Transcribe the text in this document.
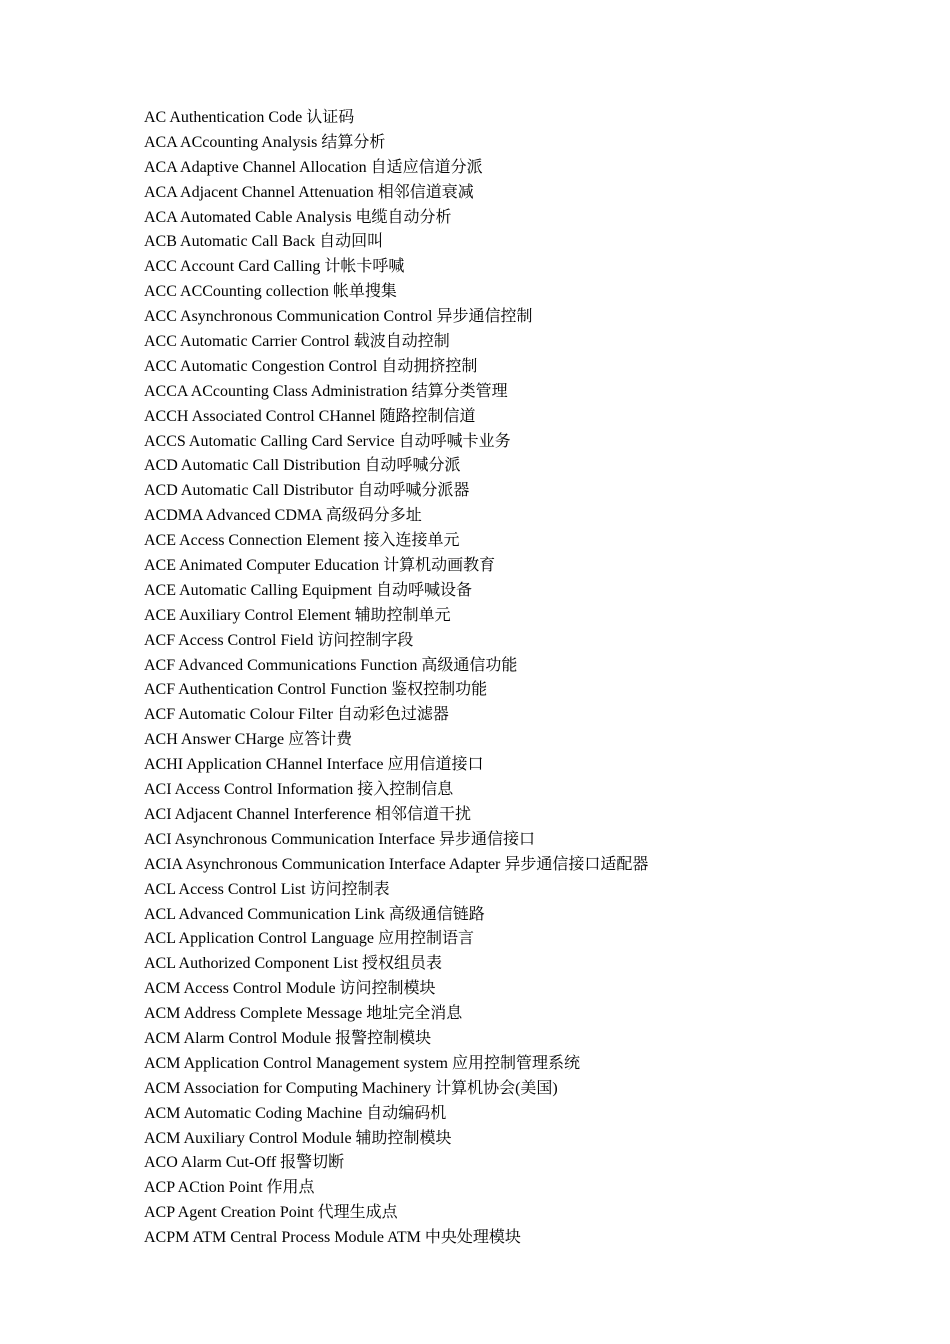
AC Authentication Code 认证码
ACA ACcounting Analysis 结算分析
ACA Adaptive Channel Allocation 自适应信道分派
ACA Adjacent Channel Attenuation 相邻信道衰减
ACA Automated Cable Analysis 电缆自动分析
ACB Automatic Call Back 自动回叫
ACC Account Card Calling 计帐卡呼喊
ACC ACCounting collection 帐单搜集
ACC Asynchronous Communication Control 异步通信控制
ACC Automatic Carrier Control 载波自动控制
ACC Automatic Congestion Control 自动拥挤控制
ACCA ACcounting Class Administration 结算分类管理
ACCH Associated Control CHannel 随路控制信道
ACCS Automatic Calling Card Service 自动呼喊卡业务
ACD Automatic Call Distribution 自动呼喊分派
ACD Automatic Call Distributor 自动呼喊分派器
ACDMA Advanced CDMA 高级码分多址
ACE Access Connection Element 接入连接单元
ACE Animated Computer Education 计算机动画教育
ACE Automatic Calling Equipment 自动呼喊设备
ACE Auxiliary Control Element 辅助控制单元
ACF Access Control Field 访问控制字段
ACF Advanced Communications Function 高级通信功能
ACF Authentication Control Function 鉴权控制功能
ACF Automatic Colour Filter 自动彩色过滤器
ACH Answer CHarge 应答计费
ACHI Application CHannel Interface 应用信道接口
ACI Access Control Information 接入控制信息
ACI Adjacent Channel Interference 相邻信道干扰
ACI Asynchronous Communication Interface 异步通信接口
ACIA Asynchronous Communication Interface Adapter 异步通信接口适配器
ACL Access Control List 访问控制表
ACL Advanced Communication Link 高级通信链路
ACL Application Control Language 应用控制语言
ACL Authorized Component List 授权组员表
ACM Access Control Module 访问控制模块
ACM Address Complete Message 地址完全消息
ACM Alarm Control Module 报警控制模块
ACM Application Control Management system 应用控制管理系统
ACM Association for Computing Machinery 计算机协会(美国)
ACM Automatic Coding Machine 自动编码机
ACM Auxiliary Control Module 辅助控制模块
ACO Alarm Cut-Off 报警切断
ACP ACtion Point 作用点
ACP Agent Creation Point 代理生成点
ACPM ATM Central Process Module ATM 中央处理模块
